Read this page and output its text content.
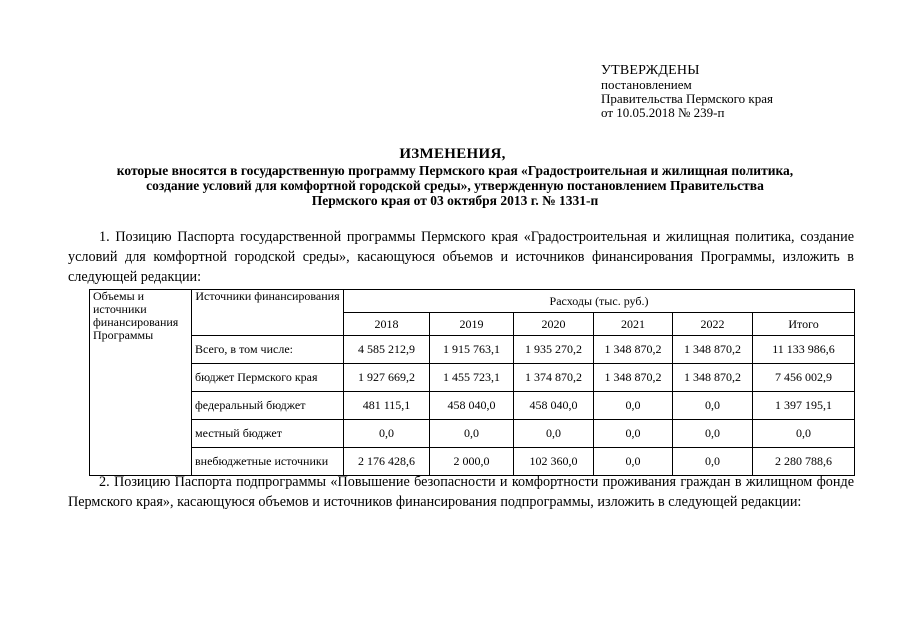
УТВЕРЖДЕНЫ
постановлением
Правительства Пермского края
от 10.05.2018 № 239-п
ИЗМЕНЕНИЯ,
которые вносятся в государственную программу Пермского края «Градостроительная и жилищная политика,
создание условий для комфортной городской среды», утвержденную постановлением Правительства
Пермского края от 03 октября 2013 г. № 1331-п
1. Позицию Паспорта государственной программы Пермского края «Градостроительная и жилищная политика, создание условий для комфортной городской среды», касающуюся объемов и источников финансирования Программы, изложить в следующей редакции:
Объемы и источники финансирования Программы	Источники финансирования	Расходы (тыс. руб.)					
		2018	2019	2020	2021	2022	Итого
	Всего, в том числе:	4 585 212,9	1 915 763,1	1 935 270,2	1 348 870,2	1 348 870,2	11 133 986,6
	бюджет Пермского края	1 927 669,2	1 455 723,1	1 374 870,2	1 348 870,2	1 348 870,2	7 456 002,9
	федеральный бюджет	481 115,1	458 040,0	458 040,0	0,0	0,0	1 397 195,1
	местный бюджет	0,0	0,0	0,0	0,0	0,0	0,0
	внебюджетные источники	2 176 428,6	2 000,0	102 360,0	0,0	0,0	2 280 788,6
2. Позицию Паспорта подпрограммы «Повышение безопасности и комфортности проживания граждан в жилищном фонде Пермского края», касающуюся объемов и источников финансирования подпрограммы, изложить в следующей редакции:
